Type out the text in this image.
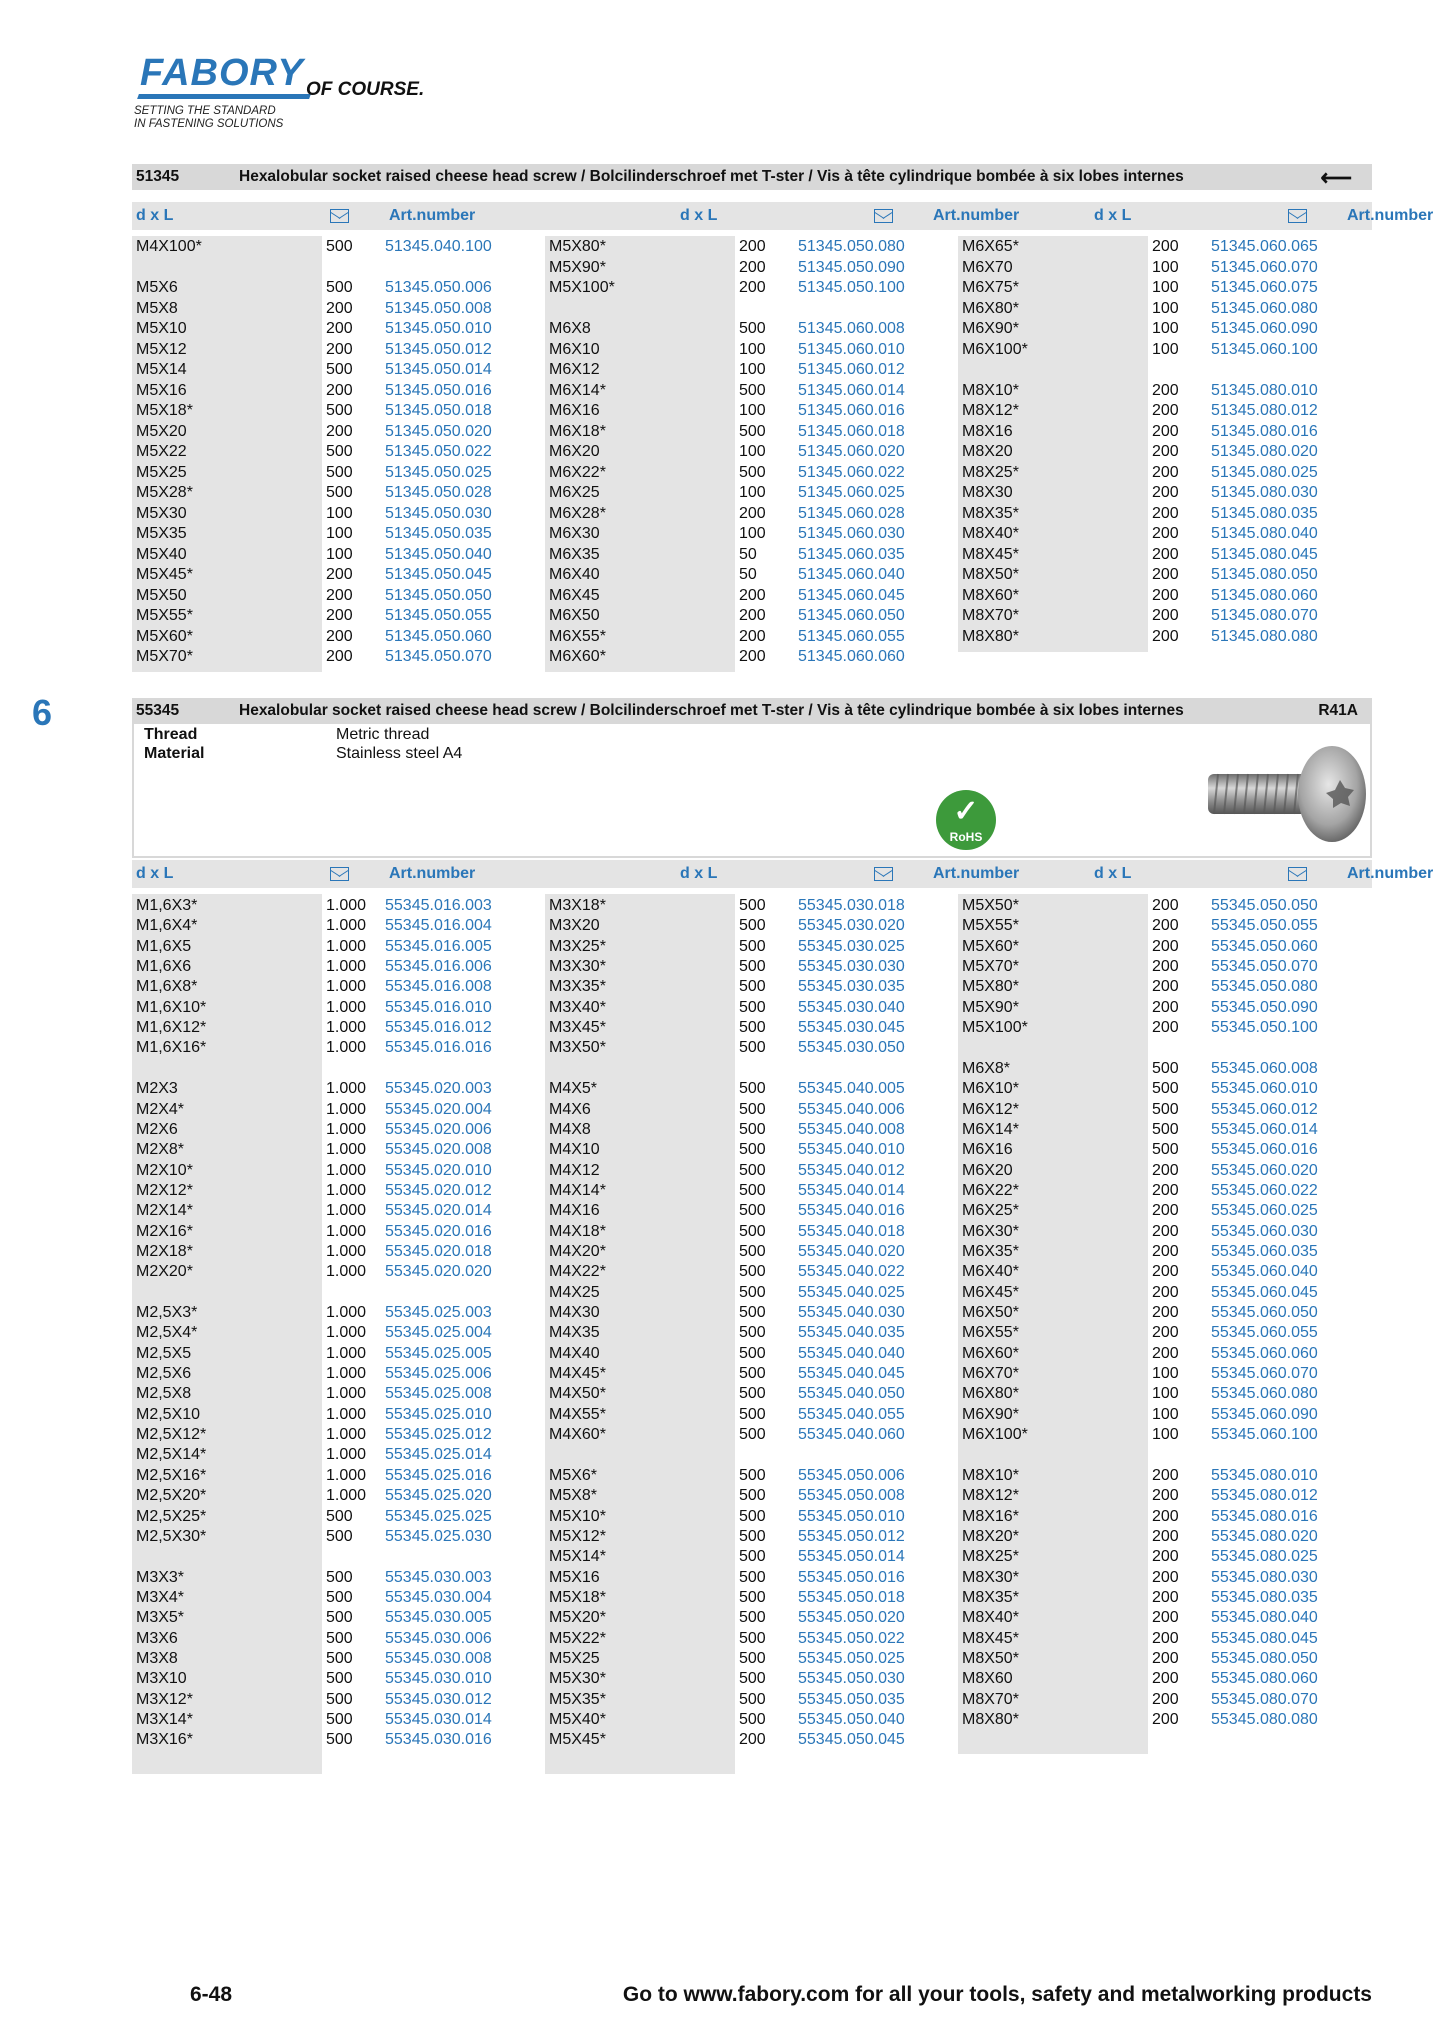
FABORY OF COURSE.
SETTING THE STANDARD
IN FASTENING SOLUTIONS
51345	Hexalobular socket raised cheese head screw / Bolcilinderschroef met T-ster / Vis à tête cylindrique bombée à six lobes internes	⟵
d x L	Art.number	d x L	Art.number	d x L	Art.number
M4X100*	500 51345.040.100
M5X6	500 51345.050.006
M5X8	200 51345.050.008
M5X10	200 51345.050.010
M5X12	200 51345.050.012
M5X14	500 51345.050.014
M5X16	200 51345.050.016
M5X18*	500 51345.050.018
M5X20	200 51345.050.020
M5X22	500 51345.050.022
M5X25	500 51345.050.025
M5X28*	500 51345.050.028
M5X30	100 51345.050.030
M5X35	100 51345.050.035
M5X40	100 51345.050.040
M5X45*	200 51345.050.045
M5X50	200 51345.050.050
M5X55*	200 51345.050.055
M5X60*	200 51345.050.060
M5X70*	200 51345.050.070
M5X80*	200 51345.050.080
M5X90*	200 51345.050.090
M5X100*	200 51345.050.100
M6X8	500 51345.060.008
M6X10	100 51345.060.010
M6X12	100 51345.060.012
M6X14*	500 51345.060.014
M6X16	100 51345.060.016
M6X18*	500 51345.060.018
M6X20	100 51345.060.020
M6X22*	500 51345.060.022
M6X25	100 51345.060.025
M6X28*	200 51345.060.028
M6X30	100 51345.060.030
M6X35	50	51345.060.035
M6X40	50	51345.060.040
M6X45	200 51345.060.045
M6X50	200 51345.060.050
M6X55*	200 51345.060.055
M6X60*	200 51345.060.060
M6X65*	200 51345.060.065
M6X70	100 51345.060.070
M6X75*	100 51345.060.075
M6X80*	100 51345.060.080
M6X90*	100 51345.060.090
M6X100*	100 51345.060.100
M8X10*	200 51345.080.010
M8X12*	200 51345.080.012
M8X16	200 51345.080.016
M8X20	200 51345.080.020
M8X25*	200 51345.080.025
M8X30	200 51345.080.030
M8X35*	200 51345.080.035
M8X40*	200 51345.080.040
M8X45*	200 51345.080.045
M8X50*	200 51345.080.050
M8X60*	200 51345.080.060
M8X70*	200 51345.080.070
M8X80*	200 51345.080.080
6	55345	Hexalobular socket raised cheese head screw / Bolcilinderschroef met T-ster / Vis à tête cylindrique bombée à six lobes internes	R41A
Thread	Metric thread
Material	Stainless steel A4
✓
RoHS
d x L	Art.number	d x L	Art.number	d x L	Art.number
M1,6X3*	1.000 55345.016.003
M1,6X4*	1.000 55345.016.004
M1,6X5	1.000 55345.016.005
M1,6X6	1.000 55345.016.006
M1,6X8*	1.000 55345.016.008
M1,6X10*	1.000 55345.016.010
M1,6X12*	1.000 55345.016.012
M1,6X16*	1.000 55345.016.016
M2X3	1.000 55345.020.003
M2X4*	1.000 55345.020.004
M2X6	1.000 55345.020.006
M2X8*	1.000 55345.020.008
M2X10*	1.000 55345.020.010
M2X12*	1.000 55345.020.012
M2X14*	1.000 55345.020.014
M2X16*	1.000 55345.020.016
M2X18*	1.000 55345.020.018
M2X20*	1.000 55345.020.020
M2,5X3*	1.000 55345.025.003
M2,5X4*	1.000 55345.025.004
M2,5X5	1.000 55345.025.005
M2,5X6	1.000 55345.025.006
M2,5X8	1.000 55345.025.008
M2,5X10	1.000 55345.025.010
M2,5X12*	1.000 55345.025.012
M2,5X14*	1.000 55345.025.014
M2,5X16*	1.000 55345.025.016
M2,5X20*	1.000 55345.025.020
M2,5X25*	500 55345.025.025
M2,5X30*	500 55345.025.030
M3X3*	500 55345.030.003
M3X4*	500 55345.030.004
M3X5*	500 55345.030.005
M3X6	500 55345.030.006
M3X8	500 55345.030.008
M3X10	500 55345.030.010
M3X12*	500 55345.030.012
M3X14*	500 55345.030.014
M3X16*	500 55345.030.016
M3X18*	500 55345.030.018
M3X20	500 55345.030.020
M3X25*	500 55345.030.025
M3X30*	500 55345.030.030
M3X35*	500 55345.030.035
M3X40*	500 55345.030.040
M3X45*	500 55345.030.045
M3X50*	500 55345.030.050
M4X5*	500 55345.040.005
M4X6	500 55345.040.006
M4X8	500 55345.040.008
M4X10	500 55345.040.010
M4X12	500 55345.040.012
M4X14*	500 55345.040.014
M4X16	500 55345.040.016
M4X18*	500 55345.040.018
M4X20*	500 55345.040.020
M4X22*	500 55345.040.022
M4X25	500 55345.040.025
M4X30	500 55345.040.030
M4X35	500 55345.040.035
M4X40	500 55345.040.040
M4X45*	500 55345.040.045
M4X50*	500 55345.040.050
M4X55*	500 55345.040.055
M4X60*	500 55345.040.060
M5X6*	500 55345.050.006
M5X8*	500 55345.050.008
M5X10*	500 55345.050.010
M5X12*	500 55345.050.012
M5X14*	500 55345.050.014
M5X16	500 55345.050.016
M5X18*	500 55345.050.018
M5X20*	500 55345.050.020
M5X22*	500 55345.050.022
M5X25	500 55345.050.025
M5X30*	500 55345.050.030
M5X35*	500 55345.050.035
M5X40*	500 55345.050.040
M5X45*	200 55345.050.045
M5X50*	200 55345.050.050
M5X55*	200 55345.050.055
M5X60*	200 55345.050.060
M5X70*	200 55345.050.070
M5X80*	200 55345.050.080
M5X90*	200 55345.050.090
M5X100*	200 55345.050.100
M6X8*	500 55345.060.008
M6X10*	500 55345.060.010
M6X12*	500 55345.060.012
M6X14*	500 55345.060.014
M6X16	500 55345.060.016
M6X20	200 55345.060.020
M6X22*	200 55345.060.022
M6X25*	200 55345.060.025
M6X30*	200 55345.060.030
M6X35*	200 55345.060.035
M6X40*	200 55345.060.040
M6X45*	200 55345.060.045
M6X50*	200 55345.060.050
M6X55*	200 55345.060.055
M6X60*	200 55345.060.060
M6X70*	100 55345.060.070
M6X80*	100 55345.060.080
M6X90*	100 55345.060.090
M6X100*	100 55345.060.100
M8X10*	200 55345.080.010
M8X12*	200 55345.080.012
M8X16*	200 55345.080.016
M8X20*	200 55345.080.020
M8X25*	200 55345.080.025
M8X30*	200 55345.080.030
M8X35*	200 55345.080.035
M8X40*	200 55345.080.040
M8X45*	200 55345.080.045
M8X50*	200 55345.080.050
M8X60	200 55345.080.060
M8X70*	200 55345.080.070
M8X80*	200 55345.080.080
6-48	Go to www.fabory.com for all your tools, safety and metalworking products
